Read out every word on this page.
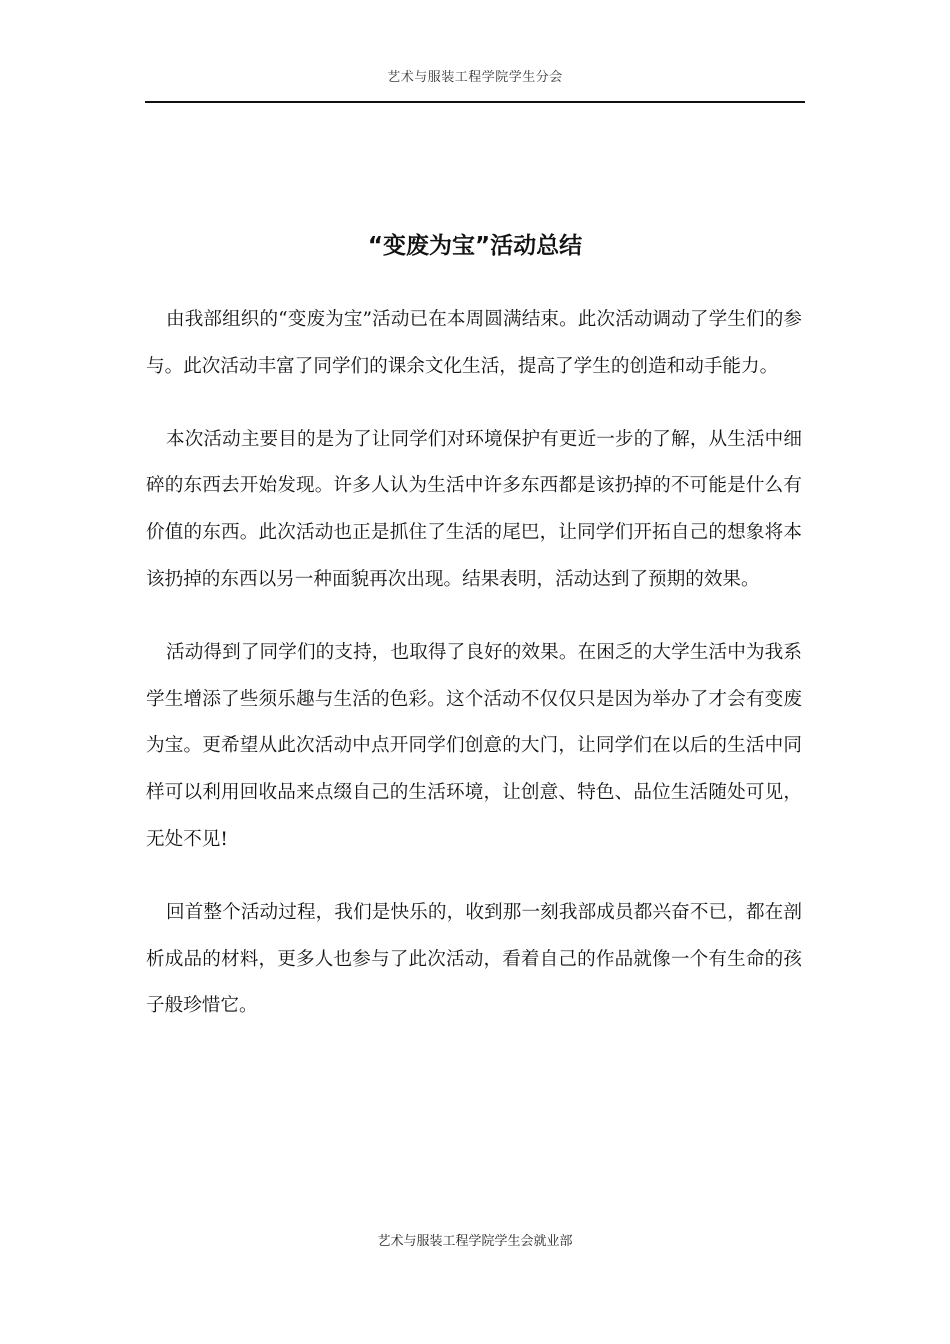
艺术与服装工程学院学生分会
“变废为宝”活动总结

由我部组织的“变废为宝”活动已在本周圆满结束。此次活动调动了学生们的参与。此次活动丰富了同学们的课余文化生活，提高了学生的创造和动手能力。

本次活动主要目的是为了让同学们对环境保护有更近一步的了解，从生活中细碎的东西去开始发现。许多人认为生活中许多东西都是该扔掉的不可能是什么有价值的东西。此次活动也正是抓住了生活的尾巴，让同学们开拓自己的想象将本该扔掉的东西以另一种面貌再次出现。结果表明，活动达到了预期的效果。

活动得到了同学们的支持，也取得了良好的效果。在困乏的大学生活中为我系学生增添了些须乐趣与生活的色彩。这个活动不仅仅只是因为举办了才会有变废为宝。更希望从此次活动中点开同学们创意的大门，让同学们在以后的生活中同样可以利用回收品来点缀自己的生活环境，让创意、特色、品位生活随处可见，无处不见!

回首整个活动过程，我们是快乐的，收到那一刻我部成员都兴奋不已，都在剖析成品的材料，更多人也参与了此次活动，看着自己的作品就像一个有生命的孩子般珍惜它。

艺术与服装工程学院学生会就业部
